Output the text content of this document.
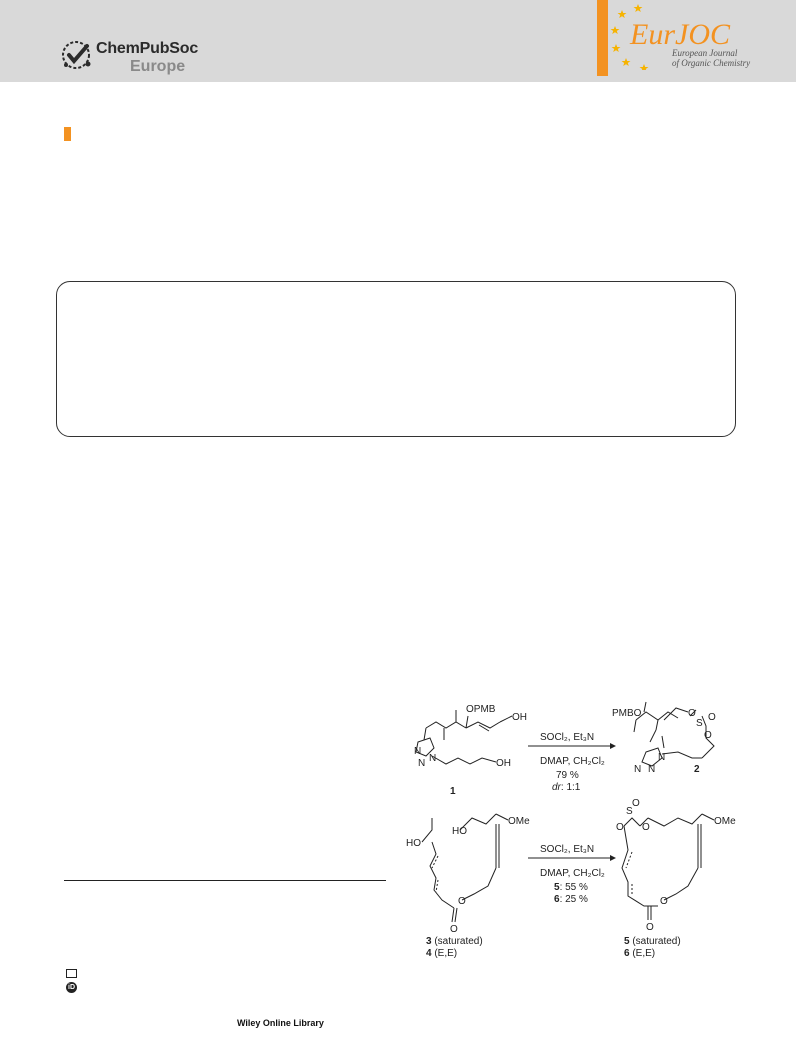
ChemPubSoc
Europe
EurJOC
European Journal
of Organic Chemistry
OPMB
OH
OH
N
N
N
1
SOCl₂, Et₃N
DMAP, CH₂Cl₂
79 %
dr: 1:1
PMBO	O
S
O
O
N
N
N	2
HO
HO
OMe
O
O
3 (saturated)
4 (E,E)
SOCl₂, Et₃N
DMAP, CH₂Cl₂
5: 55 %
6: 25 %
S
O
O O
OMe
O
O
5 (saturated)
6 (E,E)
iD
Wiley Online Library
